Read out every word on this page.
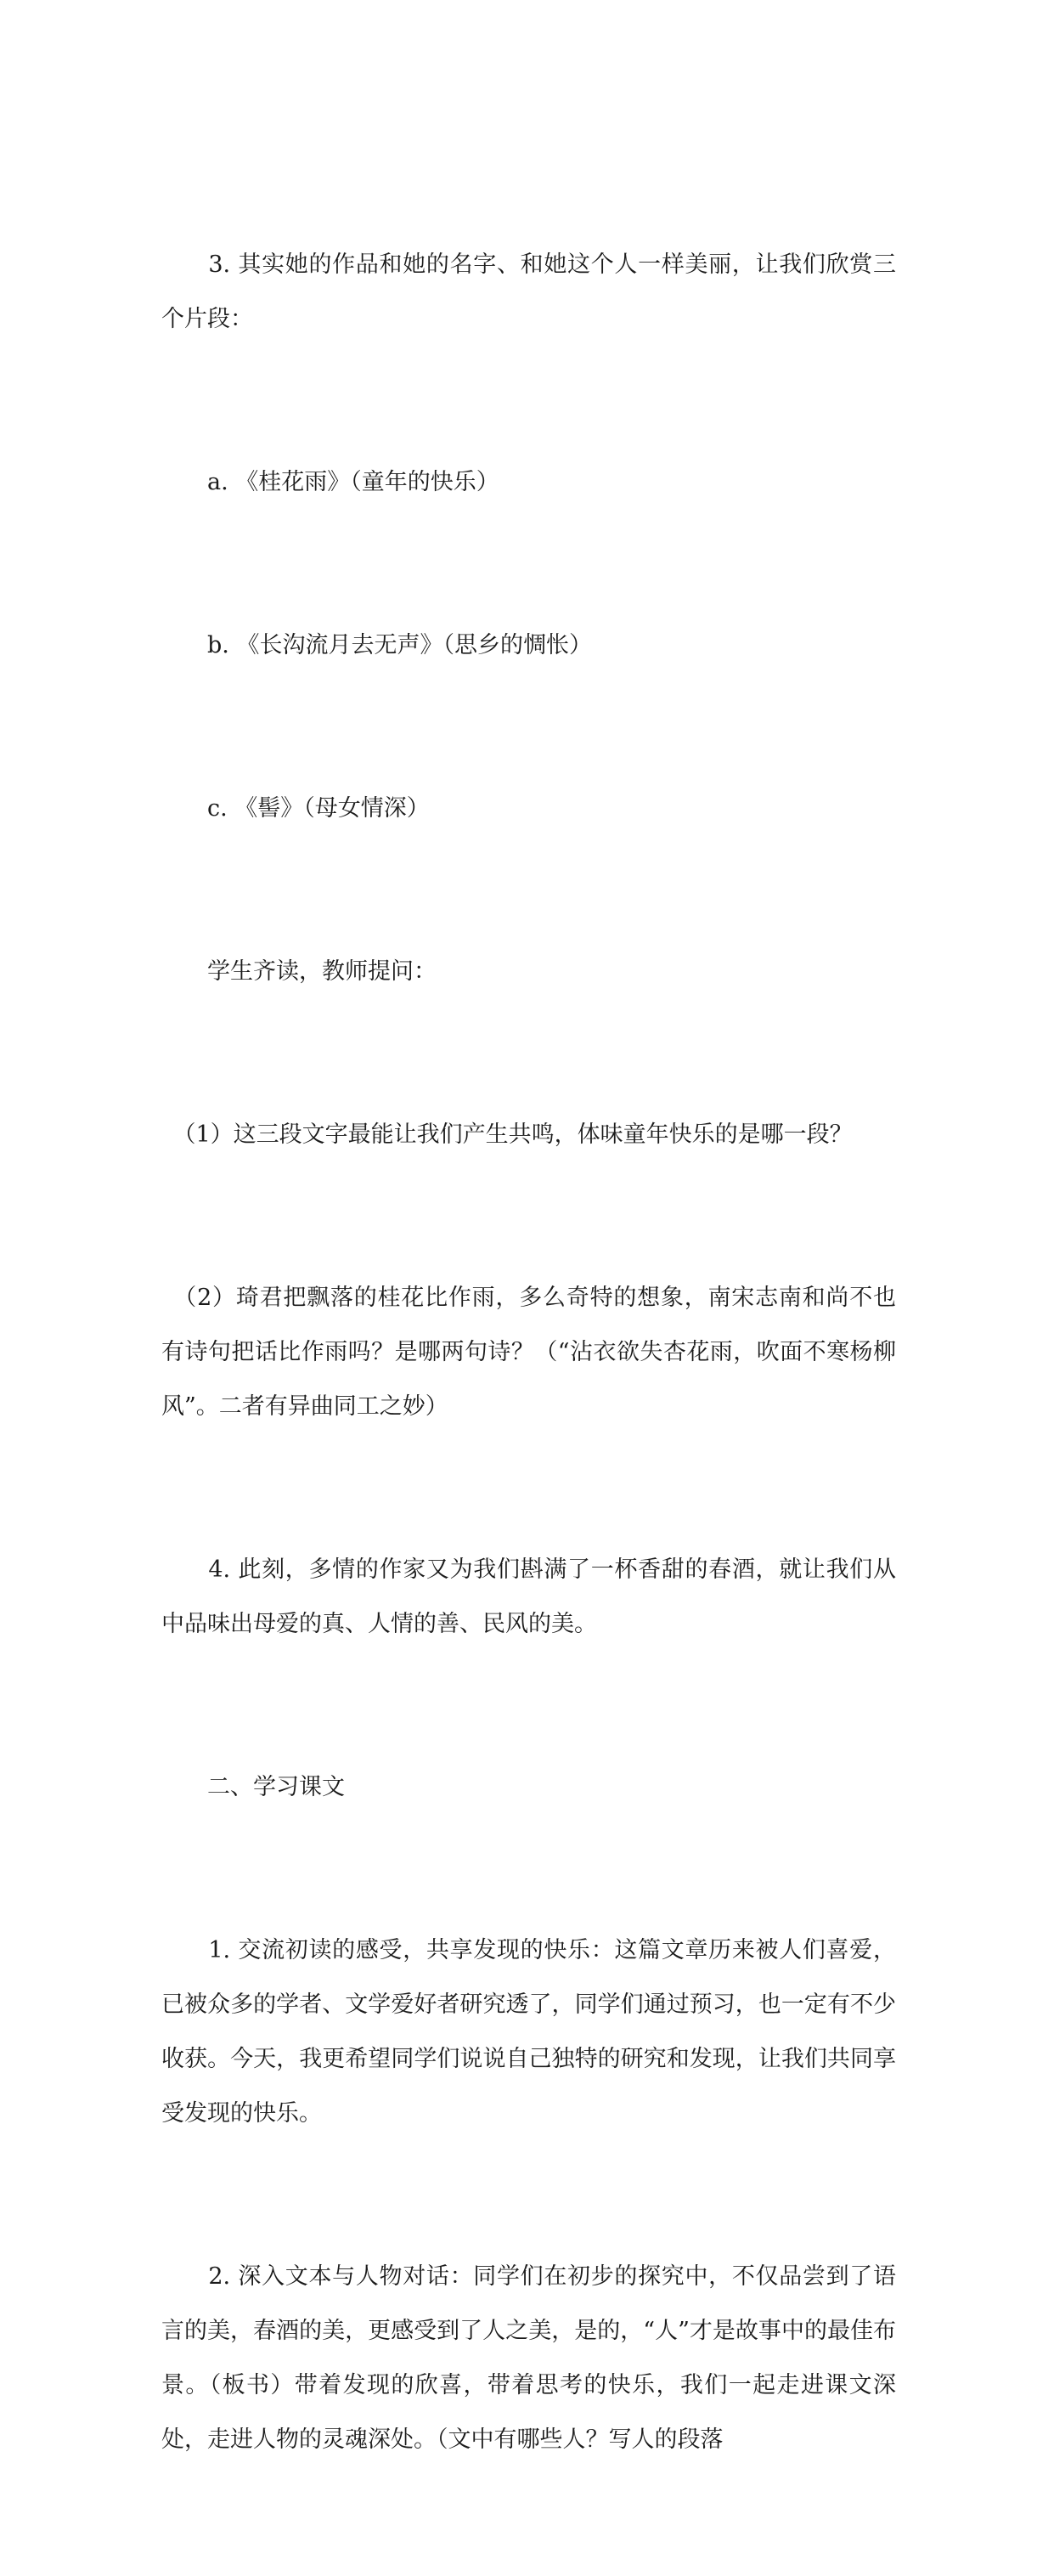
　　3. 其实她的作品和她的名字、和她这个人一样美丽，让我们欣赏三个片段：

　　a. 《桂花雨》（童年的快乐）

　　b. 《长沟流月去无声》（思乡的惆怅）

　　c. 《髻》（母女情深）

　　学生齐读，教师提问：

　（1）这三段文字最能让我们产生共鸣，体味童年快乐的是哪一段？

　（2）琦君把飘落的桂花比作雨，多么奇特的想象，南宋志南和尚不也有诗句把话比作雨吗？是哪两句诗？（“沾衣欲失杏花雨，吹面不寒杨柳风”。二者有异曲同工之妙）

　　4. 此刻，多情的作家又为我们斟满了一杯香甜的春酒，就让我们从中品味出母爱的真、人情的善、民风的美。

　　二、学习课文

　　1. 交流初读的感受，共享发现的快乐：这篇文章历来被人们喜爱，已被众多的学者、文学爱好者研究透了，同学们通过预习，也一定有不少收获。今天，我更希望同学们说说自己独特的研究和发现，让我们共同享受发现的快乐。

　　2. 深入文本与人物对话：同学们在初步的探究中，不仅品尝到了语言的美，春酒的美，更感受到了人之美，是的，“人”才是故事中的最佳布景。（板书）带着发现的欣喜，带着思考的快乐，我们一起走进课文深处，走进人物的灵魂深处。（文中有哪些人？写人的段落
